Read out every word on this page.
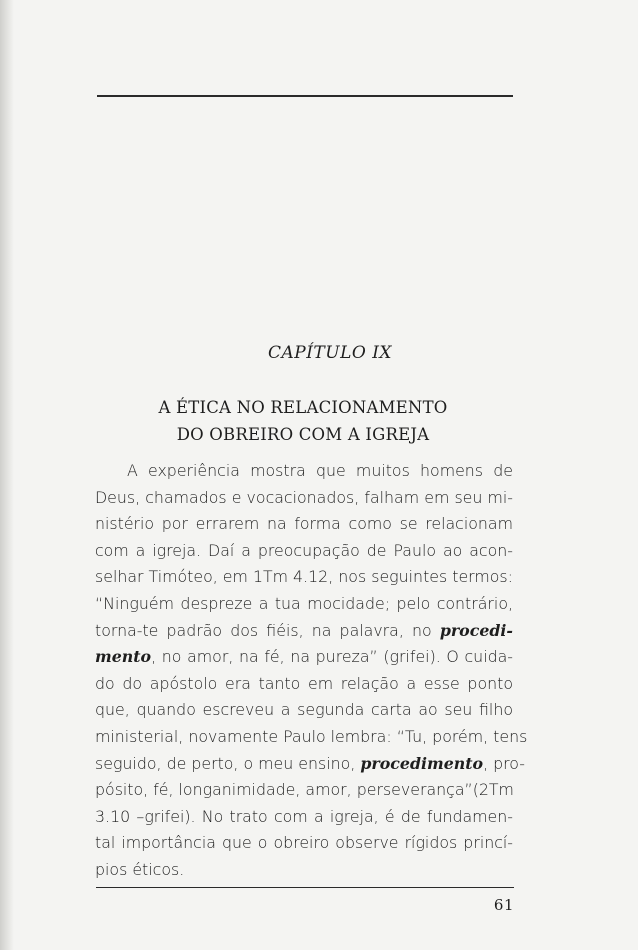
CAPÍTULO IX
A ÉTICA NO RELACIONAMENTO
DO OBREIRO COM A IGREJA
A experiência mostra que muitos homens de
Deus, chamados e vocacionados, falham em seu mi-
nistério por errarem na forma como se relacionam
com a igreja. Daí a preocupação de Paulo ao acon-
selhar Timóteo, em 1Tm 4.12, nos seguintes termos:
“Ninguém despreze a tua mocidade; pelo contrário,
torna-te padrão dos fiéis, na palavra, no procedi-
mento, no amor, na fé, na pureza” (grifei). O cuida-
do do apóstolo era tanto em relação a esse ponto
que, quando escreveu a segunda carta ao seu filho
ministerial, novamente Paulo lembra: “Tu, porém, tens
seguido, de perto, o meu ensino, procedimento, pro-
pósito, fé, longanimidade, amor, perseverança”(2Tm
3.10 –grifei). No trato com a igreja, é de fundamen-
tal importância que o obreiro observe rígidos princí-
pios éticos.
61
